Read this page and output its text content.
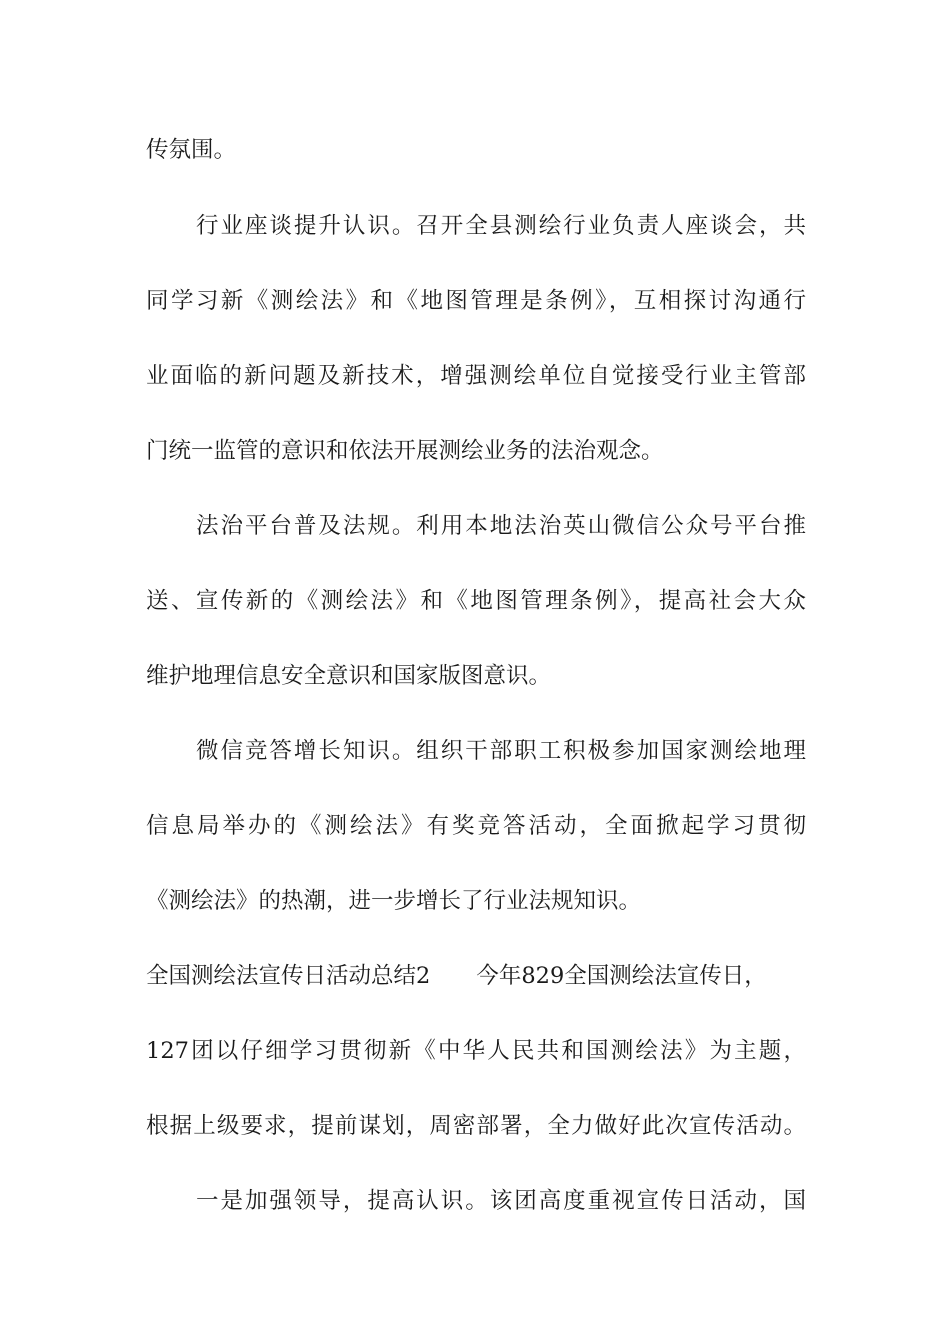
传氛围。
行业座谈提升认识。召开全县测绘行业负责人座谈会，共
同学习新《测绘法》和《地图管理是条例》，互相探讨沟通行
业面临的新问题及新技术，增强测绘单位自觉接受行业主管部
门统一监管的意识和依法开展测绘业务的法治观念。
法治平台普及法规。利用本地法治英山微信公众号平台推
送、宣传新的《测绘法》和《地图管理条例》，提高社会大众
维护地理信息安全意识和国家版图意识。
微信竞答增长知识。组织干部职工积极参加国家测绘地理
信息局举办的《测绘法》有奖竞答活动，全面掀起学习贯彻
《测绘法》的热潮，进一步增长了行业法规知识。
全国测绘法宣传日活动总结2 今年829全国测绘法宣传日，
127团以仔细学习贯彻新《中华人民共和国测绘法》为主题，
根据上级要求，提前谋划，周密部署，全力做好此次宣传活动。
一是加强领导，提高认识。该团高度重视宣传日活动，国
